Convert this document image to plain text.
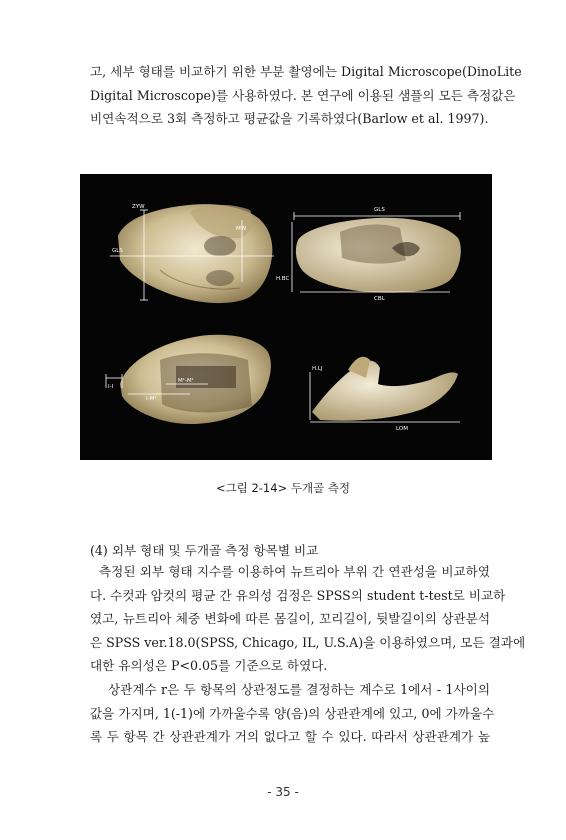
고, 세부 형태를 비교하기 위한 부분 촬영에는 Digital Microscope(DinoLite
Digital Microscope)를 사용하였다. 본 연구에 이용된 샘플의 모든 측정값은
비연속적으로 3회 측정하고 평균값을 기록하였다(Barlow et al. 1997).
ZYW
MW
GLS
GLS
H.BC
CBL
I-I
M¹-M¹
I-M¹
H.LJ
LOM
<그림 2-14> 두개골 측정
(4) 외부 형태 및 두개골 측정 항목별 비교
측정된 외부 형태 지수를 이용하여 뉴트리아 부위 간 연관성을 비교하였
다. 수컷과 암컷의 평균 간 유의성 검정은 SPSS의 student t-test로 비교하
였고, 뉴트리아 체중 변화에 따른 몸길이, 꼬리길이, 뒷발길이의 상관분석
은 SPSS ver.18.0(SPSS, Chicago, IL, U.S.A)을 이용하였으며, 모든 결과에
대한 유의성은 P<0.05를 기준으로 하였다.
상관계수 r은 두 항목의 상관정도를 결정하는 계수로 1에서 - 1사이의
값을 가지며, 1(-1)에 가까울수록 양(음)의 상관관계에 있고, 0에 가까울수
록 두 항목 간 상관관계가 거의 없다고 할 수 있다. 따라서 상관관계가 높
- 35 -
